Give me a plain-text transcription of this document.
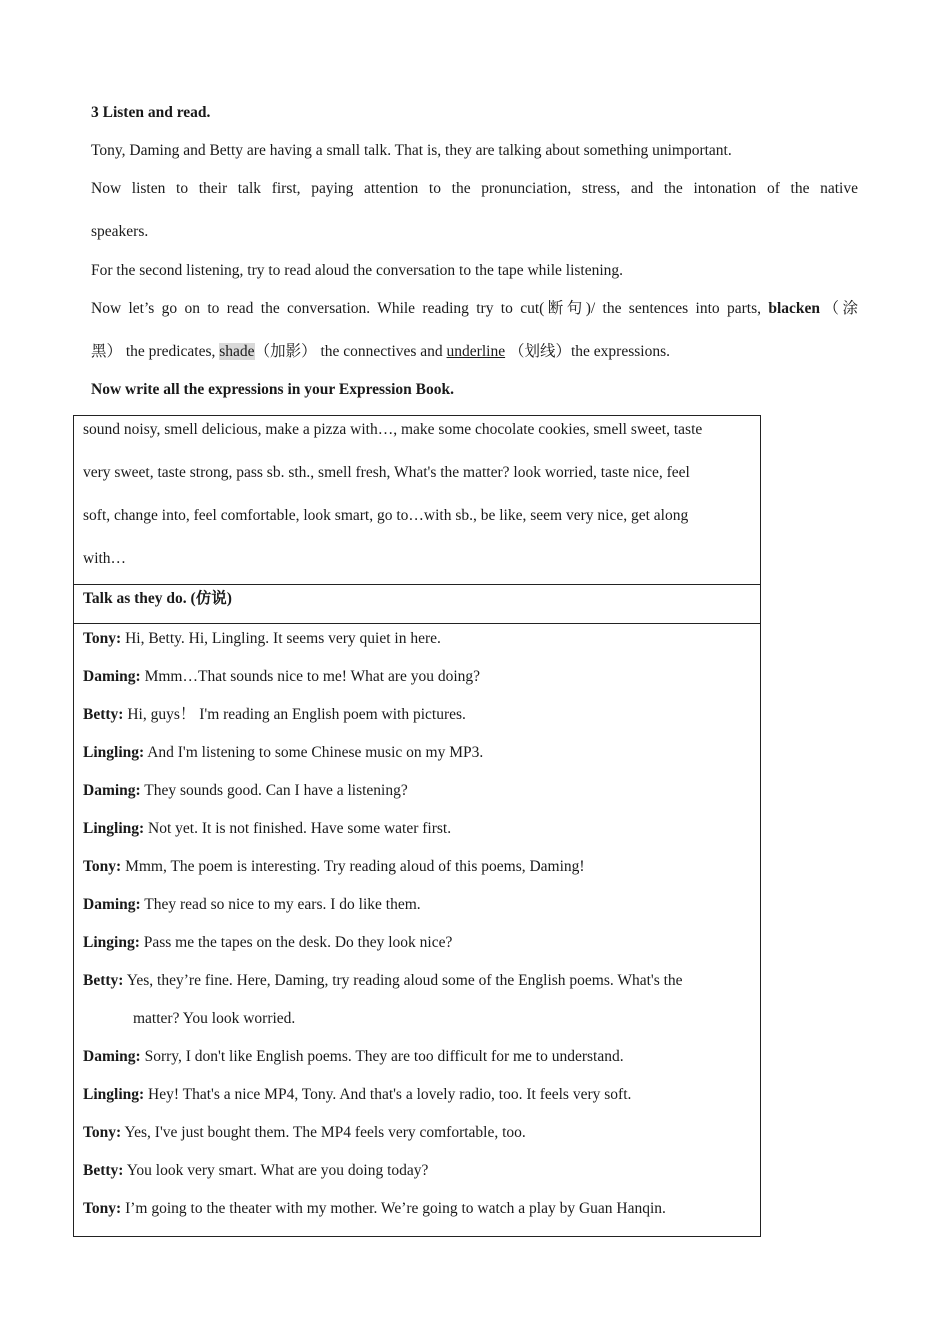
3 Listen and read.

Tony, Daming and Betty are having a small talk. That is, they are talking about something unimportant.

Now listen to their talk first, paying attention to the pronunciation, stress, and the intonation of the native

speakers.

For the second listening, try to read aloud the conversation to the tape while listening.

Now let’s go on to read the conversation. While reading try to cut(断句)/ the sentences into parts, blacken（涂

黑） the predicates, shade（加影） the connectives and underline （划线）the expressions.

Now write all the expressions in your Expression Book.

sound noisy, smell delicious, make a pizza with…, make some chocolate cookies, smell sweet, taste
very sweet, taste strong, pass sb. sth., smell fresh, What's the matter? look worried, taste nice, feel
soft, change into, feel comfortable, look smart, go to…with sb., be like, seem very nice, get along
with…
Talk as they do. (仿说)
Tony: Hi, Betty. Hi, Lingling. It seems very quiet in here.
Daming: Mmm…That sounds nice to me! What are you doing?
Betty: Hi, guys！ I'm reading an English poem with pictures.
Lingling: And I'm listening to some Chinese music on my MP3.
Daming: They sounds good. Can I have a listening?
Lingling: Not yet. It is not finished. Have some water first.
Tony: Mmm, The poem is interesting. Try reading aloud of this poems, Daming!
Daming: They read so nice to my ears. I do like them.
Linging: Pass me the tapes on the desk. Do they look nice?
Betty: Yes, they’re fine. Here, Daming, try reading aloud some of the English poems. What's the
matter? You look worried.
Daming: Sorry, I don't like English poems. They are too difficult for me to understand.
Lingling: Hey! That's a nice MP4, Tony. And that's a lovely radio, too. It feels very soft.
Tony: Yes, I've just bought them. The MP4 feels very comfortable, too.
Betty: You look very smart. What are you doing today?
Tony: I’m going to the theater with my mother. We’re going to watch a play by Guan Hanqin.
